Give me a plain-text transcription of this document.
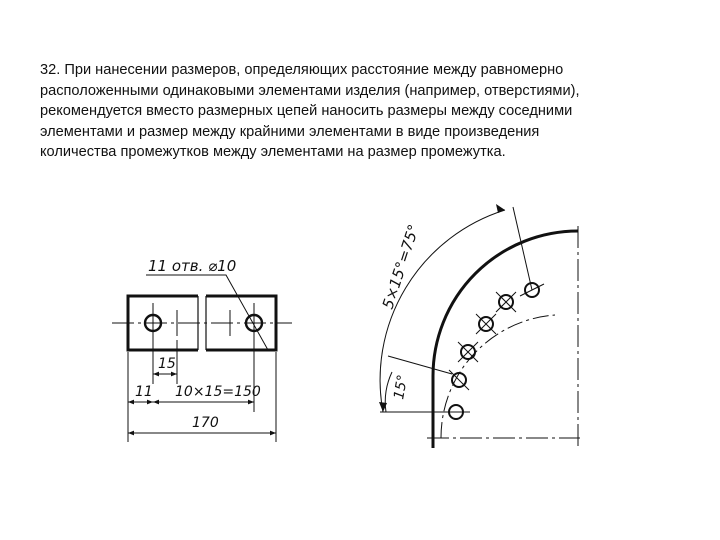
32. При нанесении размеров, определяющих расстояние между равномерно
расположенными одинаковыми элементами изделия (например, отверстиями),
рекомендуется вместо размерных цепей наносить размеры между соседними
элементами и размер между крайними элементами в виде произведения
количества промежутков между элементами на размер промежутка.

11 отв. ⌀10
15
11 10×15=150
170
5×15°=75°
15°
